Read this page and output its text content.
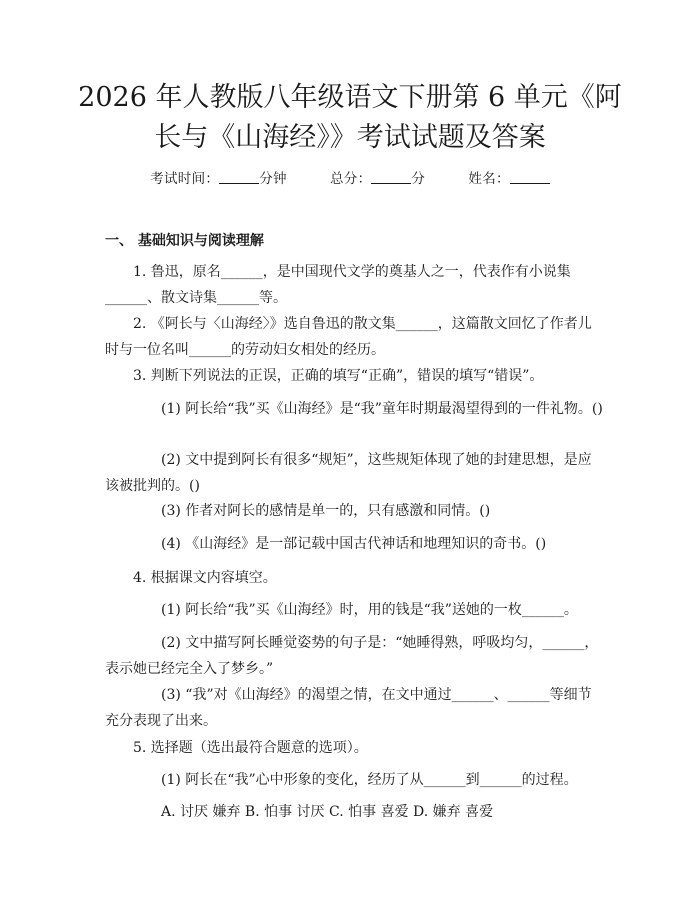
2026 年人教版八年级语文下册第 6 单元《阿
长与《山海经》》考试试题及答案
考试时间：	分钟	总分：	分	姓名：
一、 基础知识与阅读理解

1. 鲁迅，原名______，是中国现代文学的奠基人之一，代表作有小说集______、散文诗集______等。

2. 《阿长与〈山海经〉》选自鲁迅的散文集______，这篇散文回忆了作者儿时与一位名叫______的劳动妇女相处的经历。

3. 判断下列说法的正误，正确的填写“正确”，错误的填写“错误”。

(1) 阿长给“我”买《山海经》是“我”童年时期最渴望得到的一件礼物。()

(2) 文中提到阿长有很多“规矩”，这些规矩体现了她的封建思想，是应该被批判的。()

(3) 作者对阿长的感情是单一的，只有感激和同情。()

(4) 《山海经》是一部记载中国古代神话和地理知识的奇书。()

4. 根据课文内容填空。

(1) 阿长给“我”买《山海经》时，用的钱是“我”送她的一枚______。

(2) 文中描写阿长睡觉姿势的句子是：“她睡得熟，呼吸均匀，______，表示她已经完全入了梦乡。”

(3) “我”对《山海经》的渴望之情，在文中通过______、______等细节充分表现了出来。

5. 选择题（选出最符合题意的选项）。

(1) 阿长在“我”心中形象的变化，经历了从______到______的过程。

A. 讨厌 嫌弃 B. 怕事 讨厌 C. 怕事 喜爱 D. 嫌弃 喜爱
